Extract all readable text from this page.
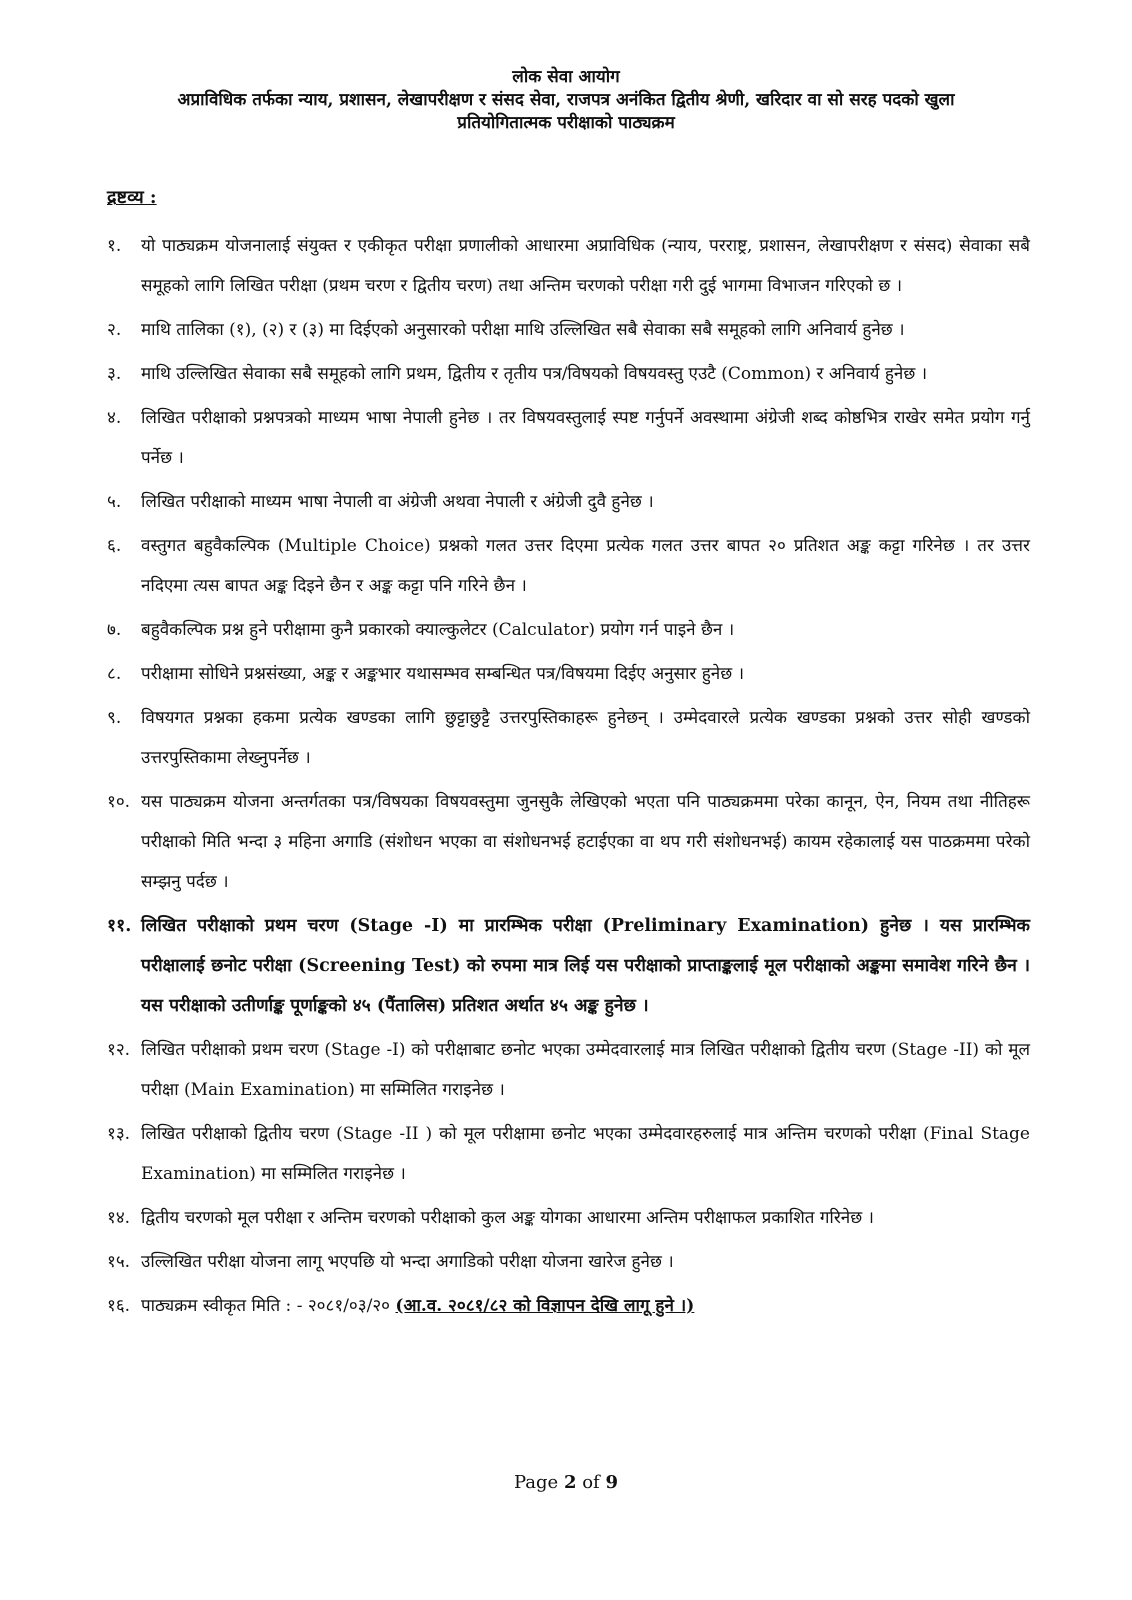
लोक सेवा आयोग
अप्राविधिक तर्फका न्याय, प्रशासन, लेखापरीक्षण र संसद सेवा, राजपत्र अनंकित द्वितीय श्रेणी, खरिदार वा सो सरह पदको खुला
प्रतियोगितात्मक परीक्षाको पाठ्यक्रम
द्रष्टव्य :
१. यो पाठ्यक्रम योजनालाई संयुक्त र एकीकृत परीक्षा प्रणालीको आधारमा अप्राविधिक (न्याय, परराष्ट्र, प्रशासन, लेखापरीक्षण र संसद) सेवाका सबै समूहको लागि लिखित परीक्षा (प्रथम चरण र द्वितीय चरण) तथा अन्तिम चरणको परीक्षा गरी दुई भागमा विभाजन गरिएको छ ।
२. माथि तालिका (१), (२) र (३) मा दिईएको अनुसारको परीक्षा माथि उल्लिखित सबै सेवाका सबै समूहको लागि अनिवार्य हुनेछ ।
३. माथि उल्लिखित सेवाका सबै समूहको लागि प्रथम, द्वितीय र तृतीय पत्र/विषयको विषयवस्तु एउटै (Common) र अनिवार्य हुनेछ ।
४. लिखित परीक्षाको प्रश्नपत्रको माध्यम भाषा नेपाली हुनेछ । तर विषयवस्तुलाई स्पष्ट गर्नुपर्ने अवस्थामा अंग्रेजी शब्द कोष्ठभित्र राखेर समेत प्रयोग गर्नु पर्नेछ ।
५. लिखित परीक्षाको माध्यम भाषा नेपाली वा अंग्रेजी अथवा नेपाली र अंग्रेजी दुवै हुनेछ ।
६. वस्तुगत बहुवैकल्पिक (Multiple Choice) प्रश्नको गलत उत्तर दिएमा प्रत्येक गलत उत्तर बापत २० प्रतिशत अङ्क कट्टा गरिनेछ । तर उत्तर नदिएमा त्यस बापत अङ्क दिइने छैन र अङ्क कट्टा पनि गरिने छैन ।
७. बहुवैकल्पिक प्रश्न हुने परीक्षामा कुनै प्रकारको क्याल्कुलेटर (Calculator) प्रयोग गर्न पाइने छैन ।
८. परीक्षामा सोधिने प्रश्नसंख्या, अङ्क र अङ्कभार यथासम्भव सम्बन्धित पत्र/विषयमा दिईए अनुसार हुनेछ ।
९. विषयगत प्रश्नका हकमा प्रत्येक खण्डका लागि छुट्टाछुट्टै उत्तरपुस्तिकाहरू हुनेछन् । उम्मेदवारले प्रत्येक खण्डका प्रश्नको उत्तर सोही खण्डको उत्तरपुस्तिकामा लेख्नुपर्नेछ ।
१०. यस पाठ्यक्रम योजना अन्तर्गतका पत्र/विषयका विषयवस्तुमा जुनसुकै लेखिएको भएता पनि पाठ्यक्रममा परेका कानून, ऐन, नियम तथा नीतिहरू परीक्षाको मिति भन्दा ३ महिना अगाडि (संशोधन भएका वा संशोधनभई हटाईएका वा थप गरी संशोधनभई) कायम रहेकालाई यस पाठक्रममा परेको सम्झनु पर्दछ ।
११. लिखित परीक्षाको प्रथम चरण (Stage -I) मा प्रारम्भिक परीक्षा (Preliminary Examination) हुनेछ । यस प्रारम्भिक परीक्षालाई छनोट परीक्षा (Screening Test) को रुपमा मात्र लिई यस परीक्षाको प्राप्ताङ्कलाई मूल परीक्षाको अङ्कमा समावेश गरिने छैन । यस परीक्षाको उतीर्णाङ्क पूर्णाङ्कको ४५ (पैंतालिस) प्रतिशत अर्थात ४५ अङ्क हुनेछ ।
१२. लिखित परीक्षाको प्रथम चरण (Stage -I) को परीक्षाबाट छनोट भएका उम्मेदवारलाई मात्र लिखित परीक्षाको द्वितीय चरण (Stage -II) को मूल परीक्षा (Main Examination) मा सम्मिलित गराइनेछ ।
१३. लिखित परीक्षाको द्वितीय चरण (Stage -II ) को मूल परीक्षामा छनोट भएका उम्मेदवारहरुलाई मात्र अन्तिम चरणको परीक्षा (Final Stage Examination) मा सम्मिलित गराइनेछ ।
१४. द्वितीय चरणको मूल परीक्षा र अन्तिम चरणको परीक्षाको कुल अङ्क योगका आधारमा अन्तिम परीक्षाफल प्रकाशित गरिनेछ ।
१५. उल्लिखित परीक्षा योजना लागू भएपछि यो भन्दा अगाडिको परीक्षा योजना खारेज हुनेछ ।
१६. पाठ्यक्रम स्वीकृत मिति : - २०८१/०३/२० (आ.व. २०८१/८२ को विज्ञापन देखि लागू हुने ।)
Page 2 of 9
